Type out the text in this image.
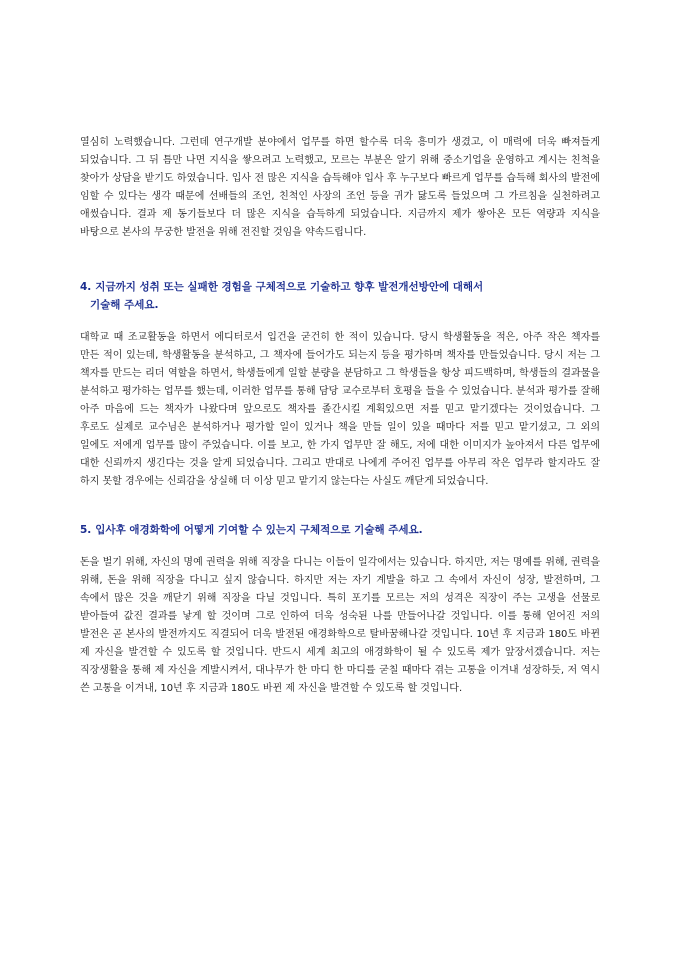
열심히 노력했습니다. 그런데 연구개발 분야에서 업무를 하면 할수록 더욱 흥미가 생겼고, 이 매력에 더욱 빠져들게 되었습니다. 그 뒤 틈만 나면 지식을 쌓으려고 노력했고, 모르는 부분은 알기 위해 중소기업을 운영하고 계시는 친척을 찾아가 상담을 받기도 하였습니다. 입사 전 많은 지식을 습득해야 입사 후 누구보다 빠르게 업무를 습득해 회사의 발전에 임할 수 있다는 생각 때문에 선배들의 조언, 친척인 사장의 조언 등을 귀가 닳도록 들었으며 그 가르침을 실천하려고 애썼습니다. 결과 제 동기들보다 더 많은 지식을 습득하게 되었습니다. 지금까지 제가 쌓아온 모든 역량과 지식을 바탕으로 본사의 무궁한 발전을 위해 전진할 것임을 약속드립니다.

4. 지금까지 성취 또는 실패한 경험을 구체적으로 기술하고 향후 발전개선방안에 대해서
기술해 주세요.

대학교 때 조교활동을 하면서 에디터로서 입건을 굳건히 한 적이 있습니다. 당시 학생활동을 적은, 아주 작은 책자를 만든 적이 있는데, 학생활동을 분석하고, 그 책자에 들어가도 되는지 등을 평가하며 책자를 만들었습니다. 당시 저는 그 책자를 만드는 리더 역할을 하면서, 학생들에게 일할 분량을 분담하고 그 학생들을 항상 피드백하며, 학생들의 결과물을 분석하고 평가하는 업무를 했는데, 이러한 업무를 통해 담당 교수로부터 호평을 들을 수 있었습니다. 분석과 평가를 잘해 아주 마음에 드는 책자가 나왔다며 앞으로도 책자를 졸간시킬 계획있으면 저를 믿고 맡기겠다는 것이었습니다. 그 후로도 실제로 교수님은 분석하거나 평가할 일이 있거나 책을 만들 일이 있을 때마다 저를 믿고 맡기셨고, 그 외의 일에도 저에게 업무를 많이 주었습니다. 이를 보고, 한 가지 업무만 잘 해도, 저에 대한 이미지가 높아져서 다른 업무에 대한 신뢰까지 생긴다는 것을 알게 되었습니다. 그리고 반대로 나에게 주어진 업무를 아무리 작은 업무라 할지라도 잘 하지 못할 경우에는 신뢰감을 상실해 더 이상 믿고 맡기지 않는다는 사실도 깨닫게 되었습니다.

5. 입사후 애경화학에 어떻게 기여할 수 있는지 구체적으로 기술해 주세요.

돈을 벌기 위해, 자신의 명예 권력을 위해 직장을 다니는 이들이 일각에서는 있습니다. 하지만, 저는 명예를 위해, 권력을 위해, 돈을 위해 직장을 다니고 싶지 않습니다. 하지만 저는 자기 계발을 하고 그 속에서 자신이 성장, 발전하며, 그 속에서 많은 것을 깨닫기 위해 직장을 다닐 것입니다. 특히 포기를 모르는 저의 성격은 직장이 주는 고생을 선물로 받아들여 값진 결과를 낳게 할 것이며 그로 인하여 더욱 성숙된 나를 만들어나갈 것입니다. 이를 통해 얻어진 저의 발전은 곧 본사의 발전까지도 직결되어 더욱 발전된 애경화학으로 탈바꿈해나갈 것입니다. 10년 후 지금과 180도 바뀐 제 자신을 발견할 수 있도록 할 것입니다. 반드시 세계 최고의 애경화학이 될 수 있도록 제가 앞장서겠습니다. 저는 직장생활을 통해 제 자신을 계발시켜서, 대나무가 한 마디 한 마디를 굳칠 때마다 겪는 고통을 이겨내 성장하듯, 저 역시 쓴 고통을 이겨내, 10년 후 지금과 180도 바뀐 제 자신을 발견할 수 있도록 할 것입니다.
